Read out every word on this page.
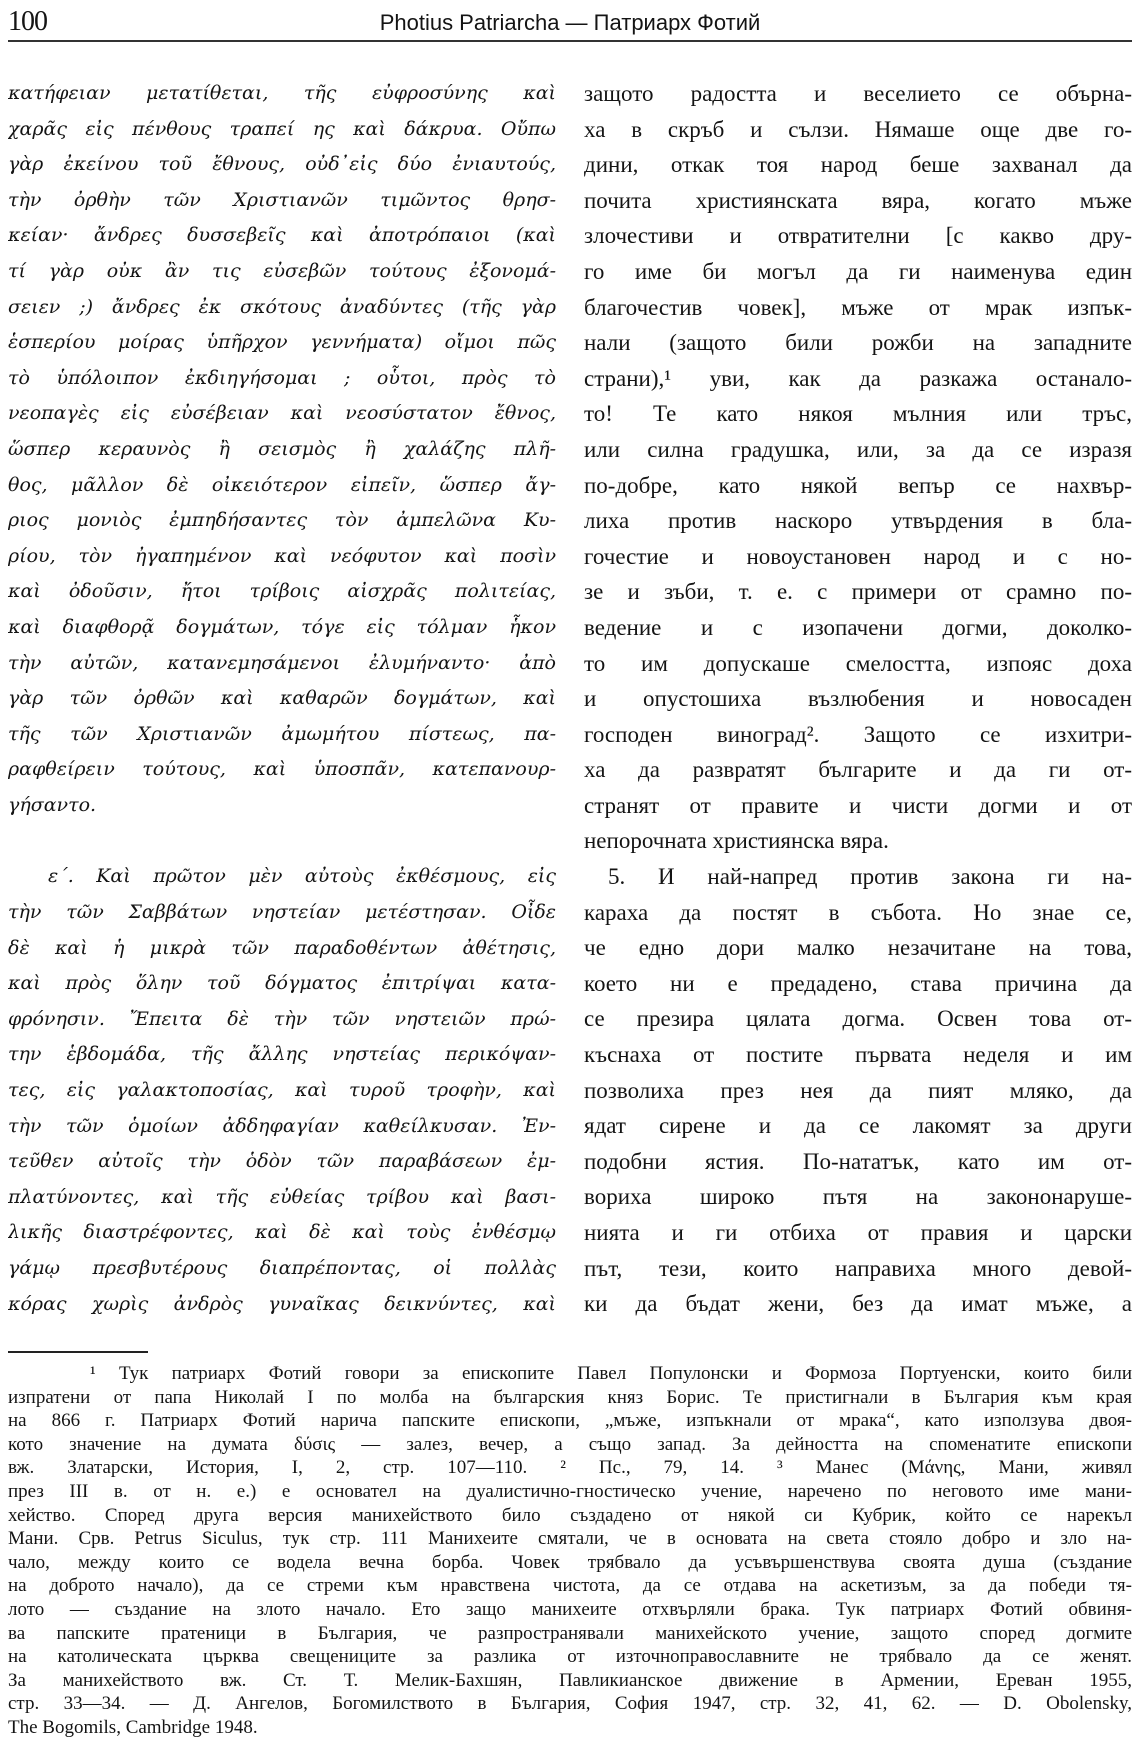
100	Photius Patriarcha — Патриарх Фотий
κατήφειαν μετατίθεται, τῆς εὐφροσύνης καὶ
χαρᾶς εἰς πένθους τραπεί ης καὶ δάκρυα. Οὔπω
γὰρ ἐκείνου τοῦ ἔθνους, οὐδ᾽εἰς δύο ἐνιαυτούς,
τὴν ὀρθὴν τῶν Χριστιανῶν τιμῶντος θρησ-
κείαν· ἄνδρες δυσσεβεῖς καὶ ἀποτρόπαιοι (καὶ
τί γὰρ οὐκ ἂν τις εὐσεβῶν τούτους ἐξονομά-
σειεν ;) ἄνδρες ἐκ σκότους ἀναδύντες (τῆς γὰρ
ἑσπερίου μοίρας ὑπῆρχον γεννήματα) οἴμοι πῶς
τὸ ὑπόλοιπον ἐκδιηγήσομαι ; οὗτοι, πρὸς τὸ
νεοπαγὲς εἰς εὐσέβειαν καὶ νεοσύστατον ἔθνος,
ὥσπερ κεραυνὸς ἢ σεισμὸς ἢ χαλάζης πλῆ-
θος, μᾶλλον δὲ οἰκειότερον εἰπεῖν, ὥσπερ ἄγ-
ριος μονιὸς ἐμπηδήσαντες τὸν ἀμπελῶνα Κυ-
ρίου, τὸν ἠγαπημένον καὶ νεόφυτον καὶ ποσὶν
καὶ ὀδοῦσιν, ἤτοι τρίβοις αἰσχρᾶς πολιτείας,
καὶ διαφθορᾷ δογμάτων, τόγε εἰς τόλμαν ἧκον
τὴν αὐτῶν, κατανεμησάμενοι ἐλυμήναντο· ἀπὸ
γὰρ τῶν ὀρθῶν καὶ καθαρῶν δογμάτων, καὶ
τῆς τῶν Χριστιανῶν ἀμωμήτου πίστεως, πα-
ραφθείρειν τούτους, καὶ ὑποσπᾶν, κατεπανουρ-
γήσαντο.
ε΄. Καὶ πρῶτον μὲν αὐτοὺς ἐκθέσμους, εἰς
τὴν τῶν Σαββάτων νηστείαν μετέστησαν. Οἶδε
δὲ καὶ ἡ μικρὰ τῶν παραδοθέντων ἀθέτησις,
καὶ πρὸς ὅλην τοῦ δόγματος ἐπιτρίψαι κατα-
φρόνησιν. Ἔπειτα δὲ τὴν τῶν νηστειῶν πρώ-
την ἑβδομάδα, τῆς ἄλλης νηστείας περικόψαν-
τες, εἰς γαλακτοποσίας, καὶ τυροῦ τροφὴν, καὶ
τὴν τῶν ὁμοίων ἀδδηφαγίαν καθείλκυσαν. Ἐν-
τεῦθεν αὐτοῖς τὴν ὁδὸν τῶν παραβάσεων ἐμ-
πλατύνοντες, καὶ τῆς εὐθείας τρίβου καὶ βασι-
λικῆς διαστρέφοντες, καὶ δὲ καὶ τοὺς ἐνθέσμῳ
γάμῳ πρεσβυτέρους διαπρέποντας, οἱ πολλὰς
κόρας χωρὶς ἀνδρὸς γυναῖκας δεικνύντες, καὶ
защото радостта и веселието се обърна-
ха в скръб и сълзи. Нямаше още две го-
дини, откак тоя народ беше захванал да
почита християнската вяра, когато мъже
злочестиви и отвратителни [с какво дру-
го име би могъл да ги наименува един
благочестив човек], мъже от мрак изпък-
нали (защото били рожби на западните
страни),¹ уви, как да разкажа останало-
то! Те като някоя мълния или тръс,
или силна градушка, или, за да се изразя
по-добре, като някой вепър се нахвър-
лиха против наскоро утвърдения в бла-
гочестие и новоустановен народ и с но-
зе и зъби, т. е. с примери от срамно по-
ведение и с изопачени догми, доколко-
то им допускаше смелостта, изпояс доха
и опустошиха възлюбения и новосаден
господен виноград². Защото се изхитри-
ха да развратят българите и да ги от-
странят от правите и чисти догми и от
непорочната християнска вяра.
5. И най-напред против закона ги на-
караха да постят в събота. Но знае се,
че едно дори малко незачитане на това,
което ни е предадено, става причина да
се презира цялата догма. Освен това от-
къснаха от постите първата неделя и им
позволиха през нея да пият мляко, да
ядат сирене и да се лакомят за други
подобни ястия. По-нататък, като им от-
вориха широко пътя на закононаруше-
нията и ги отбиха от правия и царски
път, тези, които направиха много девой-
ки да бъдат жени, без да имат мъже, а
¹ Тук патриарх Фотий говори за епископите Павел Популонски и Формоза Портуенски, които били
изпратени от папа Николай I по молба на българския княз Борис. Те пристигнали в България към края
на 866 г. Патриарх Фотий нарича папските епископи, „мъже, изпъкнали от мрака“, като използува двоя-
кото значение на думата δύσις — залез, вечер, а също запад. За дейността на споменатите епископи
вж. Златарски, История, I, 2, стр. 107—110. ² Пс., 79, 14. ³ Манес (Μάνης, Мани, живял
през III в. от н. е.) е основател на дуалистично-гностическо учение, наречено по неговото име мани-
хейство. Според друга версия манихейството било създадено от някой си Кубрик, който се нарекъл
Мани. Срв. Petrus Siculus, тук стр. 111 Манихеите смятали, че в основата на света стояло добро и зло на-
чало, между които се водела вечна борба. Човек трябвало да усъвършенствува своята душа (създание
на доброто начало), да се стреми към нравствена чистота, да се отдава на аскетизъм, за да победи тя-
лото — създание на злото начало. Ето защо манихеите отхвърляли брака. Тук патриарх Фотий обвиня-
ва папските пратеници в България, че разпространявали манихейското учение, защото според догмите
на католическата църква свещениците за разлика от източноправославните не трябвало да се женят.
За манихейството вж. Ст. Т. Мелик-Бахшян, Павликианское движение в Армении, Ереван 1955,
стр. 33—34. — Д. Ангелов, Богомилството в България, София 1947, стр. 32, 41, 62. — D. Obolensky,
The Bogomils, Cambridge 1948.
